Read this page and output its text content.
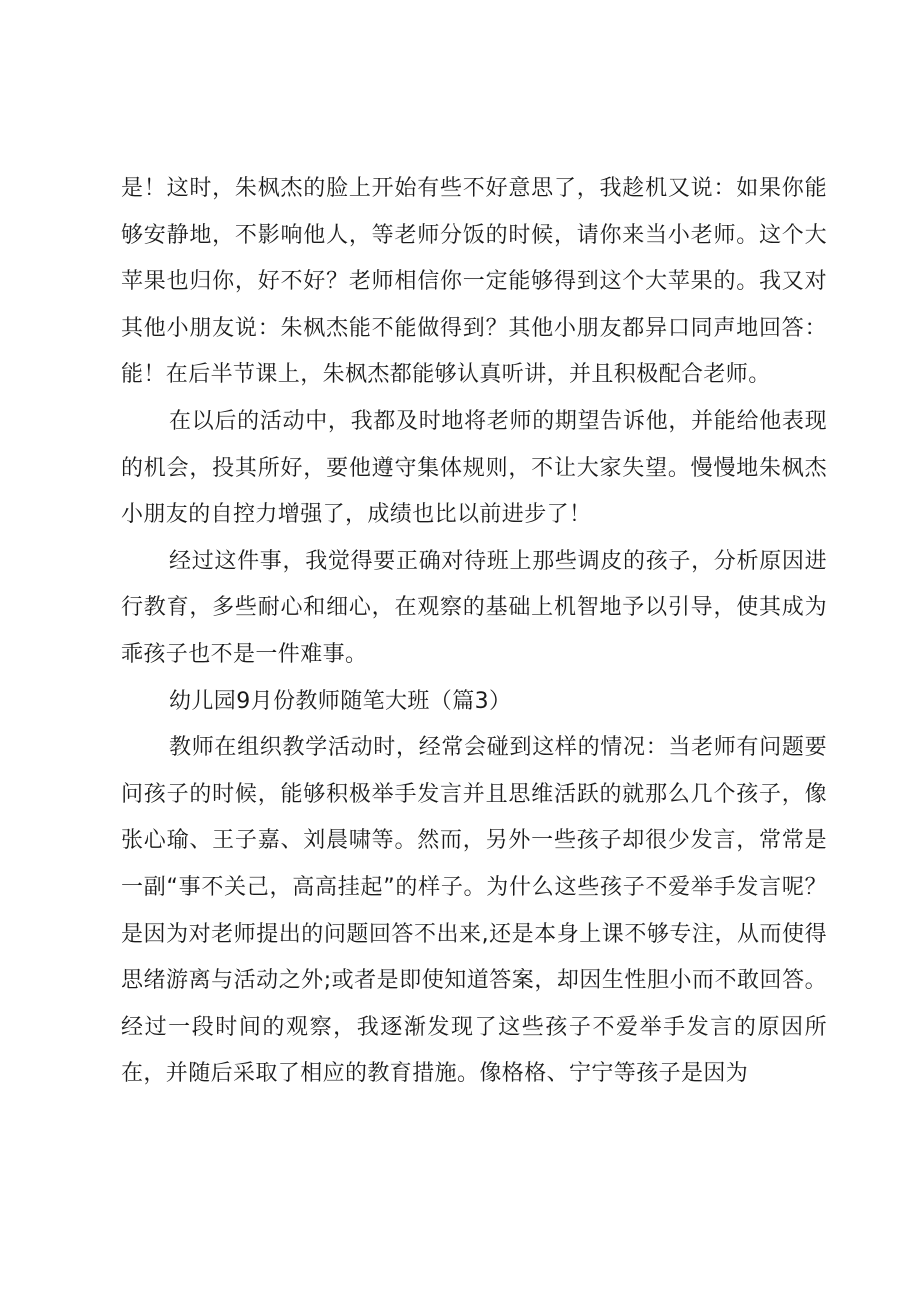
是！这时，朱枫杰的脸上开始有些不好意思了，我趁机又说：如果你能够安静地，不影响他人，等老师分饭的时候，请你来当小老师。这个大苹果也归你，好不好？老师相信你一定能够得到这个大苹果的。我又对其他小朋友说：朱枫杰能不能做得到？其他小朋友都异口同声地回答：能！在后半节课上，朱枫杰都能够认真听讲，并且积极配合老师。

在以后的活动中，我都及时地将老师的期望告诉他，并能给他表现的机会，投其所好，要他遵守集体规则，不让大家失望。慢慢地朱枫杰小朋友的自控力增强了，成绩也比以前进步了！

经过这件事，我觉得要正确对待班上那些调皮的孩子，分析原因进行教育，多些耐心和细心，在观察的基础上机智地予以引导，使其成为乖孩子也不是一件难事。

幼儿园9月份教师随笔大班（篇3）

教师在组织教学活动时，经常会碰到这样的情况：当老师有问题要问孩子的时候，能够积极举手发言并且思维活跃的就那么几个孩子，像张心瑜、王子嘉、刘晨啸等。然而，另外一些孩子却很少发言，常常是一副“事不关己，高高挂起”的样子。为什么这些孩子不爱举手发言呢？是因为对老师提出的问题回答不出来,还是本身上课不够专注，从而使得思绪游离与活动之外;或者是即使知道答案，却因生性胆小而不敢回答。经过一段时间的观察，我逐渐发现了这些孩子不爱举手发言的原因所在，并随后采取了相应的教育措施。像格格、宁宁等孩子是因为
